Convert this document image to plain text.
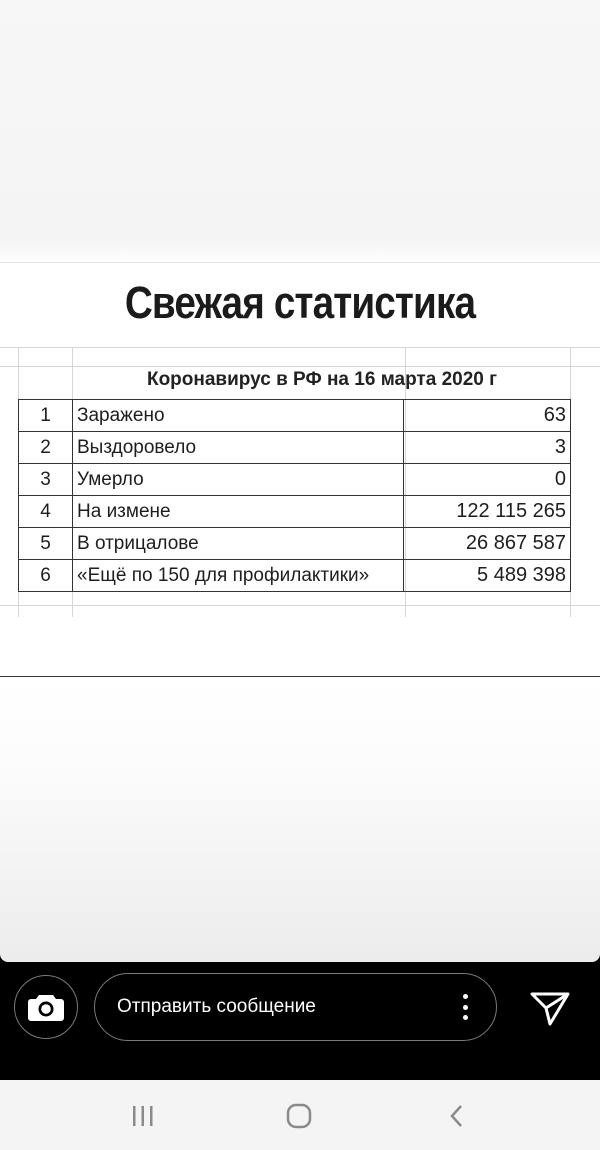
Свежая статистика
Коронавирус в РФ на 16 марта 2020 г
1	Заражено	63
2	Выздоровело	3
3	Умерло	0
4	На измене	122 115 265
5	В отрицалове	26 867 587
6	«Ещё по 150 для профилактики»	5 489 398
Отправить сообщение
